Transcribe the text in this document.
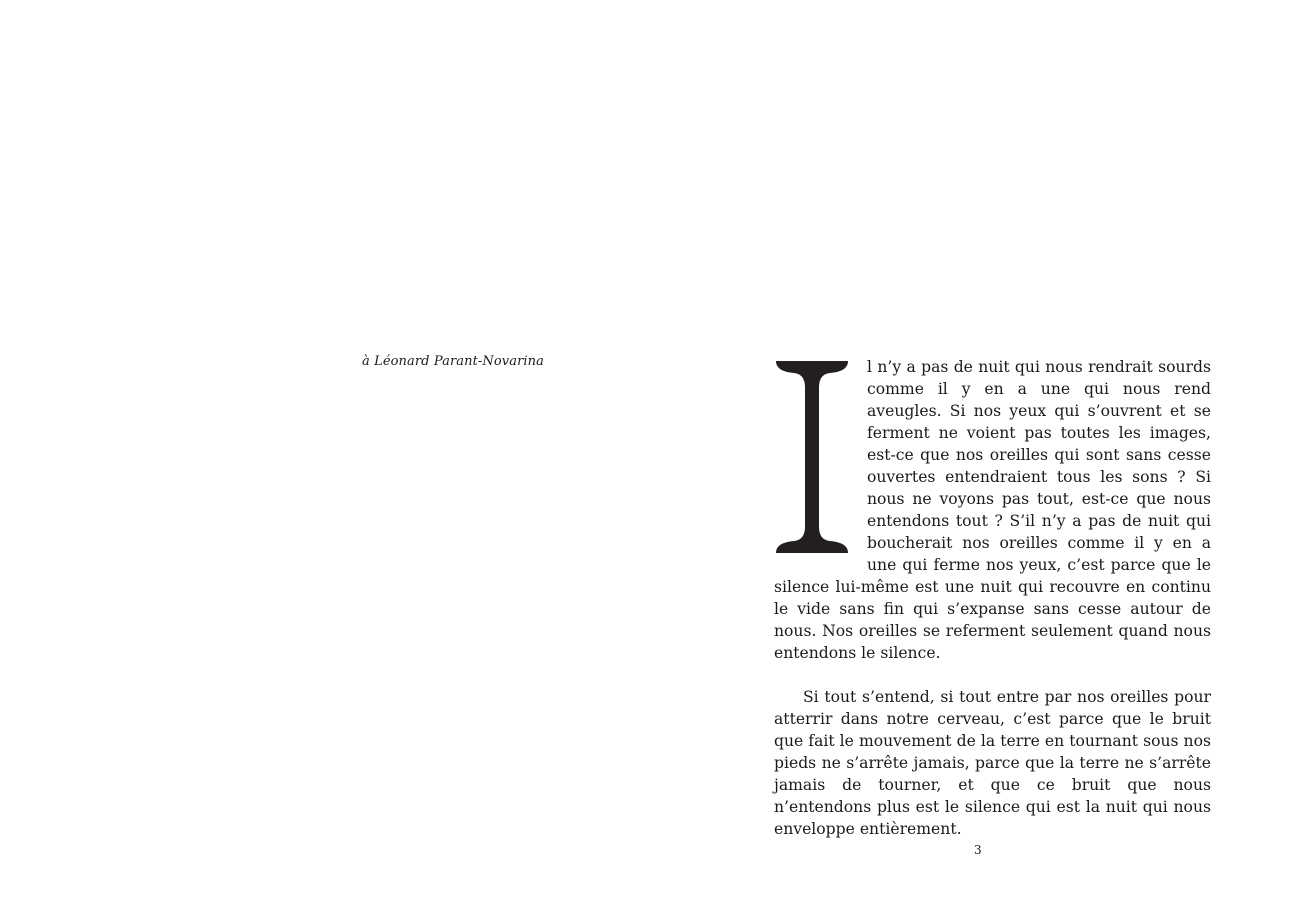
à Léonard Parant-Novarina	l n’y a pas de nuit qui nous rendrait sourds comme il y en a une qui nous rend aveugles. Si nos yeux qui s’ouvrent et se ferment ne voient pas toutes les images, est-ce que nos oreilles qui sont sans cesse ouvertes entendraient tous les sons ? Si nous ne voyons pas tout, est-ce que nous entendons tout ? S’il n’y a pas de nuit qui boucherait nos oreilles comme il y en a une qui ferme nos yeux, c’est parce que le silence lui-même est une nuit qui recouvre en continu le vide sans fin qui s’expanse sans cesse autour de nous. Nos oreilles se referment seulement quand nous entendons le silence.

Si tout s’entend, si tout entre par nos oreilles pour atterrir dans notre cerveau, c’est parce que le bruit que fait le mouvement de la terre en tournant sous nos pieds ne s’arrête jamais, parce que la terre ne s’arrête jamais de tourner, et que ce bruit que nous n’entendons plus est le silence qui est la nuit qui nous enveloppe entièrement.

3
